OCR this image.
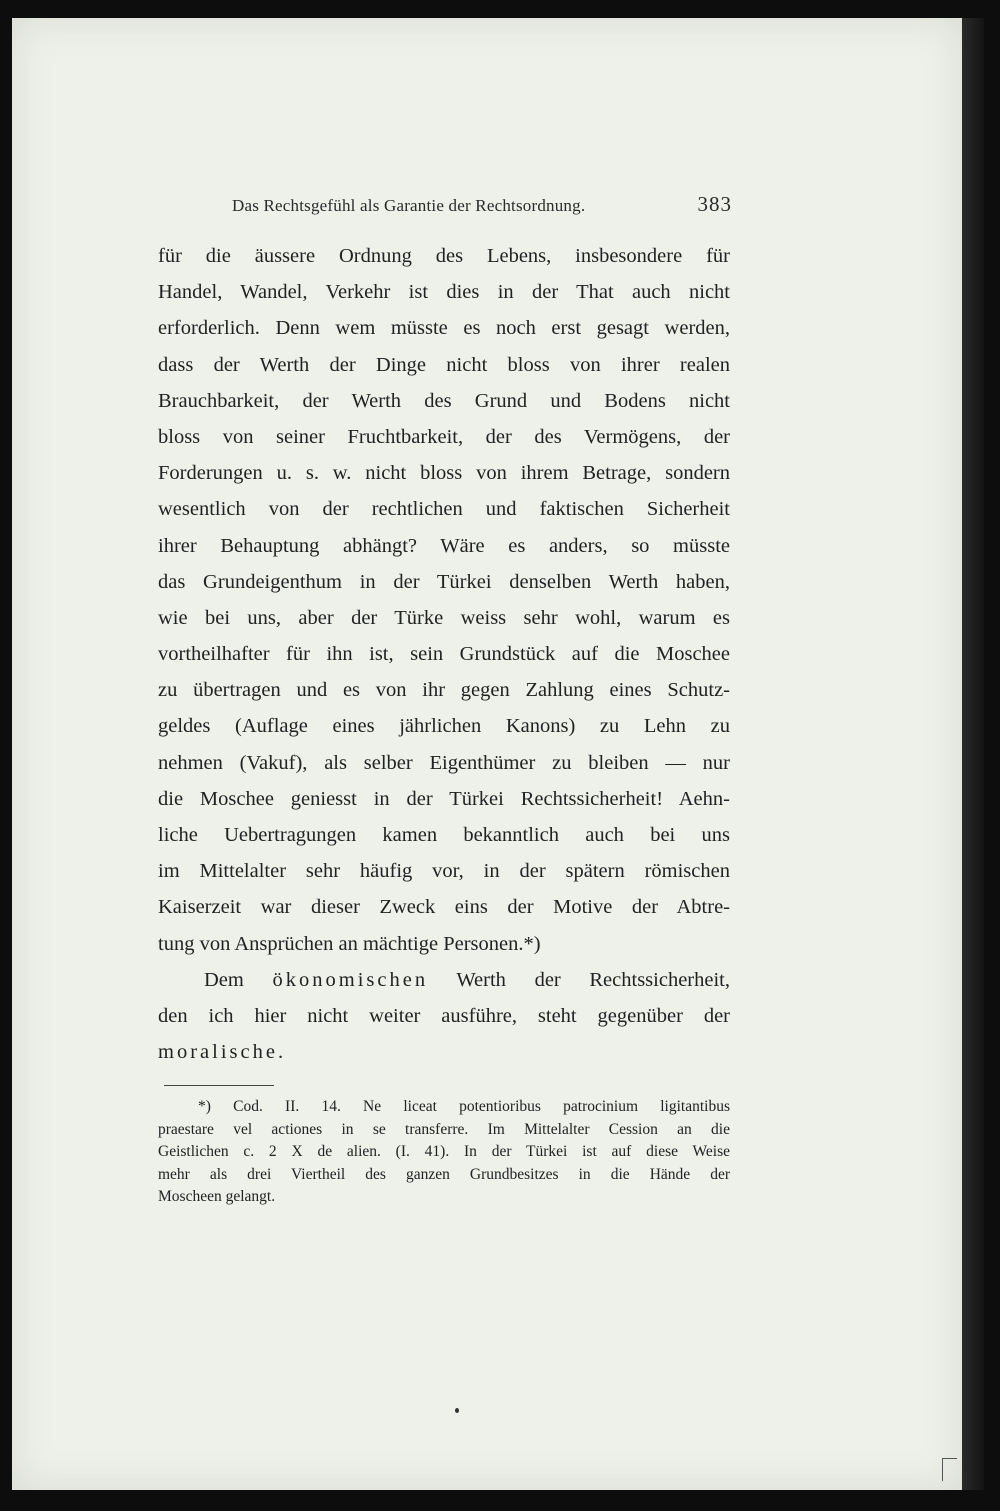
Das Rechtsgefühl als Garantie der Rechtsordnung.	383
für die äussere Ordnung des Lebens, insbesondere für
Handel, Wandel, Verkehr ist dies in der That auch nicht
erforderlich. Denn wem müsste es noch erst gesagt werden,
dass der Werth der Dinge nicht bloss von ihrer realen
Brauchbarkeit, der Werth des Grund und Bodens nicht
bloss von seiner Fruchtbarkeit, der des Vermögens, der
Forderungen u. s. w. nicht bloss von ihrem Betrage, sondern
wesentlich von der rechtlichen und faktischen Sicherheit
ihrer Behauptung abhängt? Wäre es anders, so müsste
das Grundeigenthum in der Türkei denselben Werth haben,
wie bei uns, aber der Türke weiss sehr wohl, warum es
vortheilhafter für ihn ist, sein Grundstück auf die Moschee
zu übertragen und es von ihr gegen Zahlung eines Schutz-
geldes (Auflage eines jährlichen Kanons) zu Lehn zu
nehmen (Vakuf), als selber Eigenthümer zu bleiben — nur
die Moschee geniesst in der Türkei Rechtssicherheit! Aehn-
liche Uebertragungen kamen bekanntlich auch bei uns
im Mittelalter sehr häufig vor, in der spätern römischen
Kaiserzeit war dieser Zweck eins der Motive der Abtre-
tung von Ansprüchen an mächtige Personen.*)
Dem ökonomischen Werth der Rechtssicherheit,
den ich hier nicht weiter ausführe, steht gegenüber der
moralische.
*) Cod. II. 14. Ne liceat potentioribus patrocinium ligitantibus
praestare vel actiones in se transferre. Im Mittelalter Cession an die
Geistlichen c. 2 X de alien. (I. 41). In der Türkei ist auf diese Weise
mehr als drei Viertheil des ganzen Grundbesitzes in die Hände der
Moscheen gelangt.
